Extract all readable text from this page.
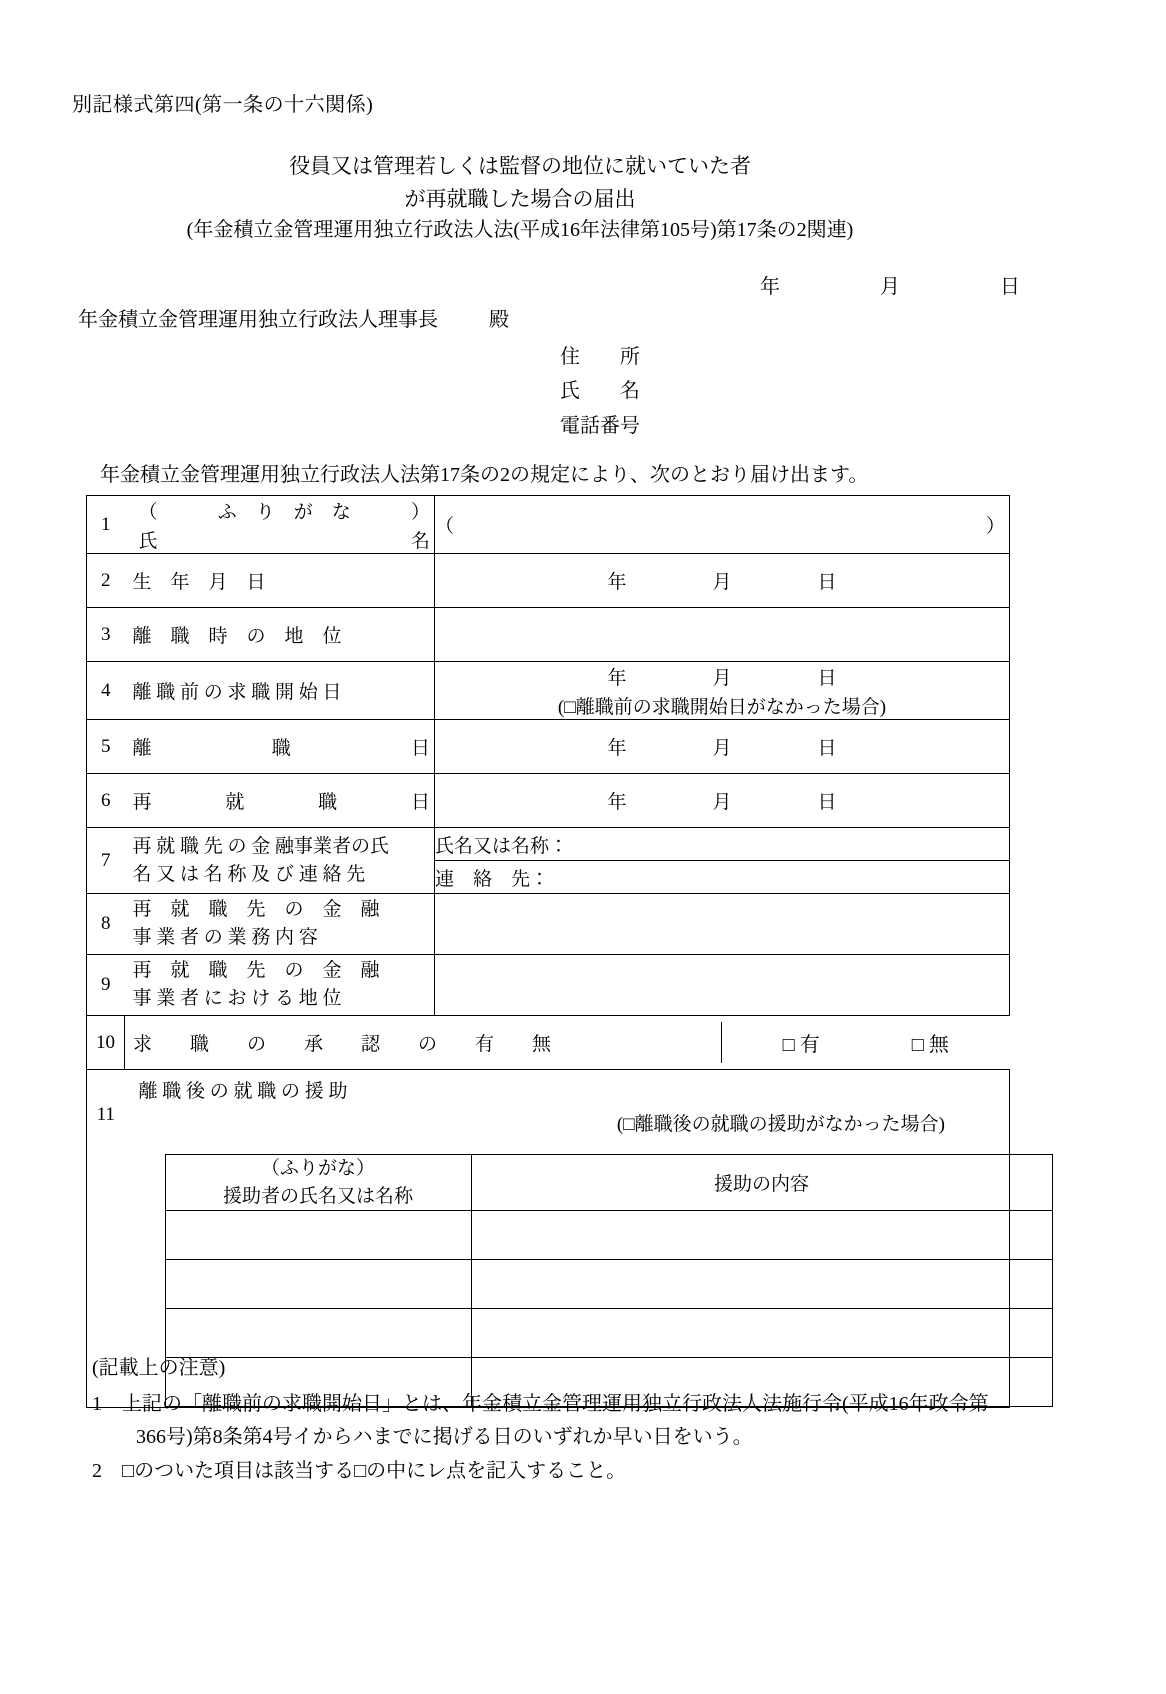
別記様式第四(第一条の十六関係)
役員又は管理若しくは監督の地位に就いていた者
が再就職した場合の届出
(年金積立金管理運用独立行政法人法(平成16年法律第105号)第17条の2関連)
年	月	日
年金積立金管理運用独立行政法人理事長	殿
住　　所
氏　　名
電話番号
年金積立金管理運用独立行政法人法第17条の2の規定により、次のとおり届け出ます。
1	
（	ふ　り　が　な	）
氏	名

（	）

2	生　年　月　日	年	月	日

3	離　職　時　の　地　位

4	離 職 前 の 求 職 開 始 日

年	月	日
(□離職前の求職開始日がなかった場合)

5	離	職	日	年	月	日

6	再	就	職	日	年	月	日

7	
再 就 職 先 の 金 融事業者の氏
名 又 は 名 称 及 び 連 絡 先
	氏名又は名称：
連　絡　先：
8	
再　就　職　先　の　金　融
事 業 者 の 業 務 内 容

9	
再　就　職　先　の　金　融
事 業 者 に お け る 地 位

10	求　　職　　の　　承　　認　　の　　有　　無	□ 有	□ 無

11	
離 職 後 の 就 職 の 援 助
(□離職後の就職の援助がなかった場合)
（ふりがな）
援助者の氏名又は名称
	援助の内容

(記載上の注意)
1	上記の「離職前の求職開始日」とは、年金積立金管理運用独立行政法人法施行令(平成16年政令第
366号)第8条第4号イからハまでに掲げる日のいずれか早い日をいう。
2	□のついた項目は該当する□の中にレ点を記入すること。
